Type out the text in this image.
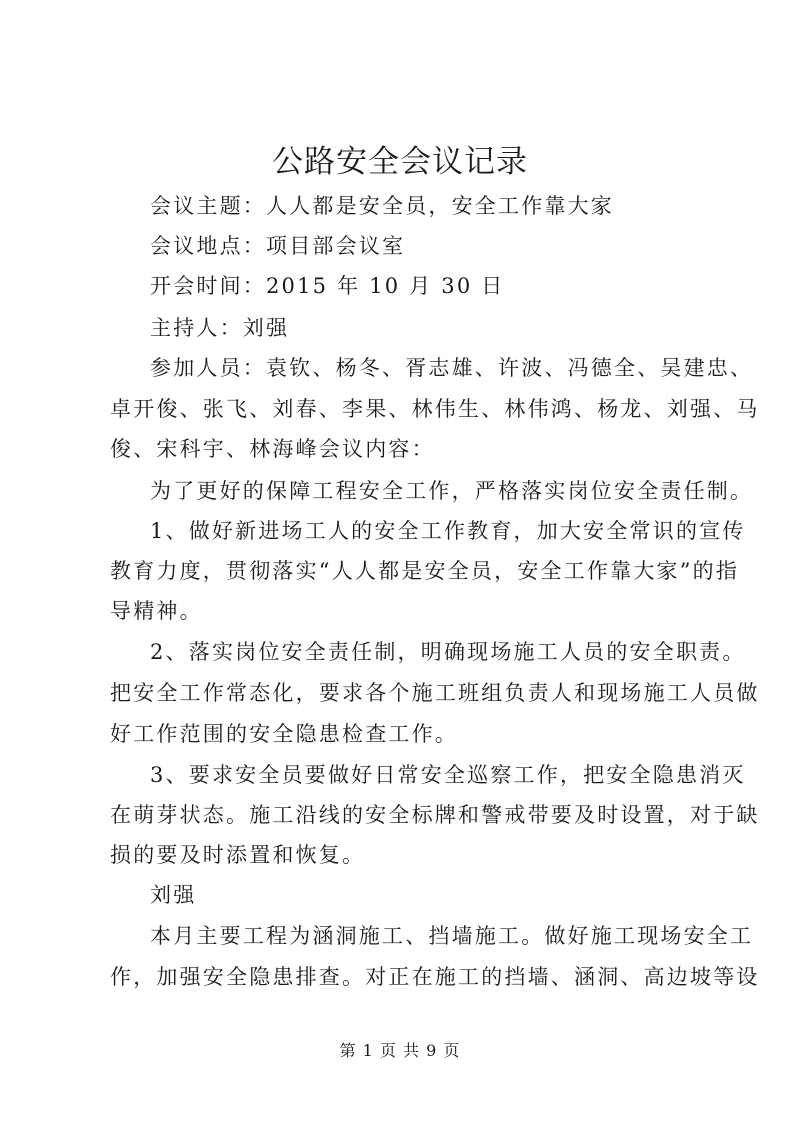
公路安全会议记录
会议主题：人人都是安全员，安全工作靠大家
会议地点：项目部会议室
开会时间：2015 年 10 月 30 日
主持人：刘强
参加人员：袁钦、杨冬、胥志雄、许波、冯德全、吴建忠、
卓开俊、张飞、刘春、李果、林伟生、林伟鸿、杨龙、刘强、马
俊、宋科宇、林海峰会议内容：
为了更好的保障工程安全工作，严格落实岗位安全责任制。
1、做好新进场工人的安全工作教育，加大安全常识的宣传
教育力度，贯彻落实“人人都是安全员，安全工作靠大家”的指
导精神。
2、落实岗位安全责任制，明确现场施工人员的安全职责。
把安全工作常态化，要求各个施工班组负责人和现场施工人员做
好工作范围的安全隐患检查工作。
3、要求安全员要做好日常安全巡察工作，把安全隐患消灭
在萌芽状态。施工沿线的安全标牌和警戒带要及时设置，对于缺
损的要及时添置和恢复。
刘强
本月主要工程为涵洞施工、挡墙施工。做好施工现场安全工
作，加强安全隐患排查。对正在施工的挡墙、涵洞、高边坡等设
第 1 页 共 9 页
